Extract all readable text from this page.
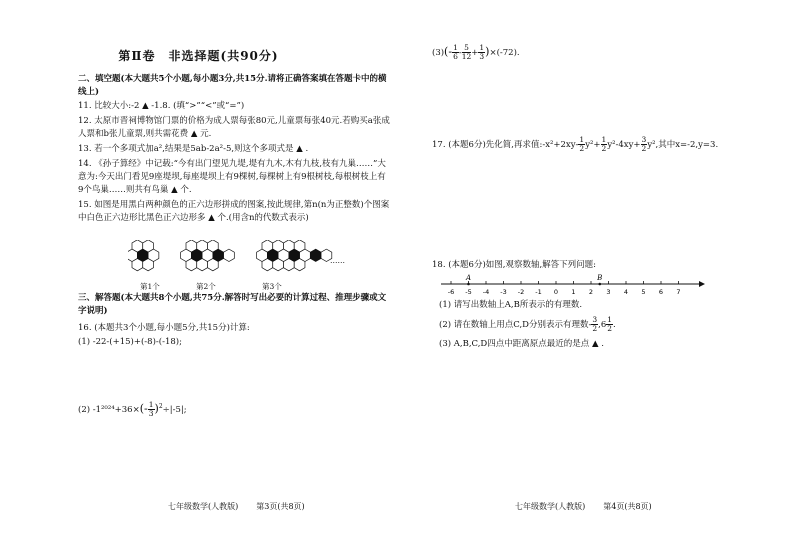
第Ⅱ卷　非选择题(共90分)
二、填空题(本大题共5个小题,每小题3分,共15分.请将正确答案填在答题卡中的横线上)
11. 比较大小:-2 ▲ -1.8. (填“>”“<”或“=”)
12. 太原市晋祠博物馆门票的价格为成人票每张80元,儿童票每张40元.若购买a张成人票和b张儿童票,则共需花费 ▲ 元.
13. 若一个多项式加a²,结果是5ab-2a²-5,则这个多项式是 ▲ .
14. 《孙子算经》中记载:“今有出门望见九堤,堤有九木,木有九枝,枝有九巢……”大意为:今天出门看见9座堤坝,每座堤坝上有9棵树,每棵树上有9根树枝,每根树枝上有9个鸟巢……则共有鸟巢 ▲ 个.
15. 如图是用黑白两种颜色的正六边形拼成的图案,按此规律,第n(n为正整数)个图案中白色正六边形比黑色正六边形多 ▲ 个.(用含n的代数式表示)
第1个	第2个	第3个
……
三、解答题(本大题共8个小题,共75分.解答时写出必要的计算过程、推理步骤或文字说明)
16. (本题共3个小题,每小题5分,共15分)计算:
(1) -22-(+15)+(-8)-(-18);
(2) $-1^{2024}+36\times(- \frac{1}{3} )^2\div|-5|$;
七年级数学(人教版) 第3页(共8页)
$(3)(- \frac{1}{6} - \frac{5}{12} + \frac{1}{3} )\times(-72)$.
17. (本题6分)先化简,再求值:-x²+2xy- $\frac{1}{2} y^2+ \frac{1}{2} y^2-4xy+ \frac{3}{2} y^2$,其中x=-2,y=3.
18. (本题6分)如图,观察数轴,解答下列问题:
-6 -5 -4 -3 -2 -1 0 1 2 3 4 5 6 7
A	B
(1) 请写出数轴上A,B所表示的有理数.
(2) 请在数轴上用点C,D分别表示有理数- $\frac{3}{2} ,6 \frac{1}{2}$ .
(3) A,B,C,D四点中距离原点最近的是点 ▲ .
七年级数学(人教版) 第4页(共8页)
